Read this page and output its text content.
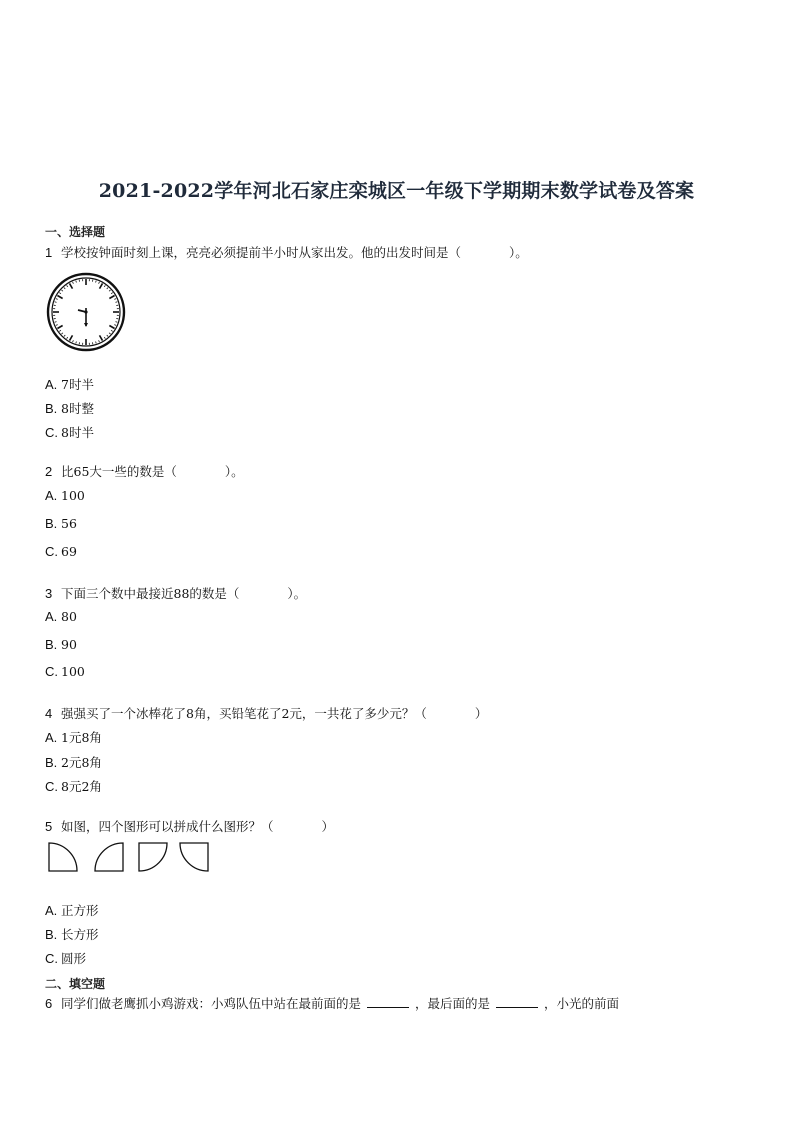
2021-2022学年河北石家庄栾城区一年级下学期期末数学试卷及答案
一、选择题
1 学校按钟面时刻上课，亮亮必须提前半小时从家出发。他的出发时间是（	）。
A. 7时半
B. 8时整
C. 8时半
2 比65大一些的数是（	）。
A. 100
B. 56
C. 69
3 下面三个数中最接近88的数是（	）。
A. 80
B. 90
C. 100
4 强强买了一个冰棒花了8角，买铅笔花了2元，一共花了多少元？（	）
A. 1元8角
B. 2元8角
C. 8元2角
5 如图，四个图形可以拼成什么图形？（	）
A. 正方形
B. 长方形
C. 圆形
二、填空题
6 同学们做老鹰抓小鸡游戏：小鸡队伍中站在最前面的是	，最后面的是	，小光的前面
